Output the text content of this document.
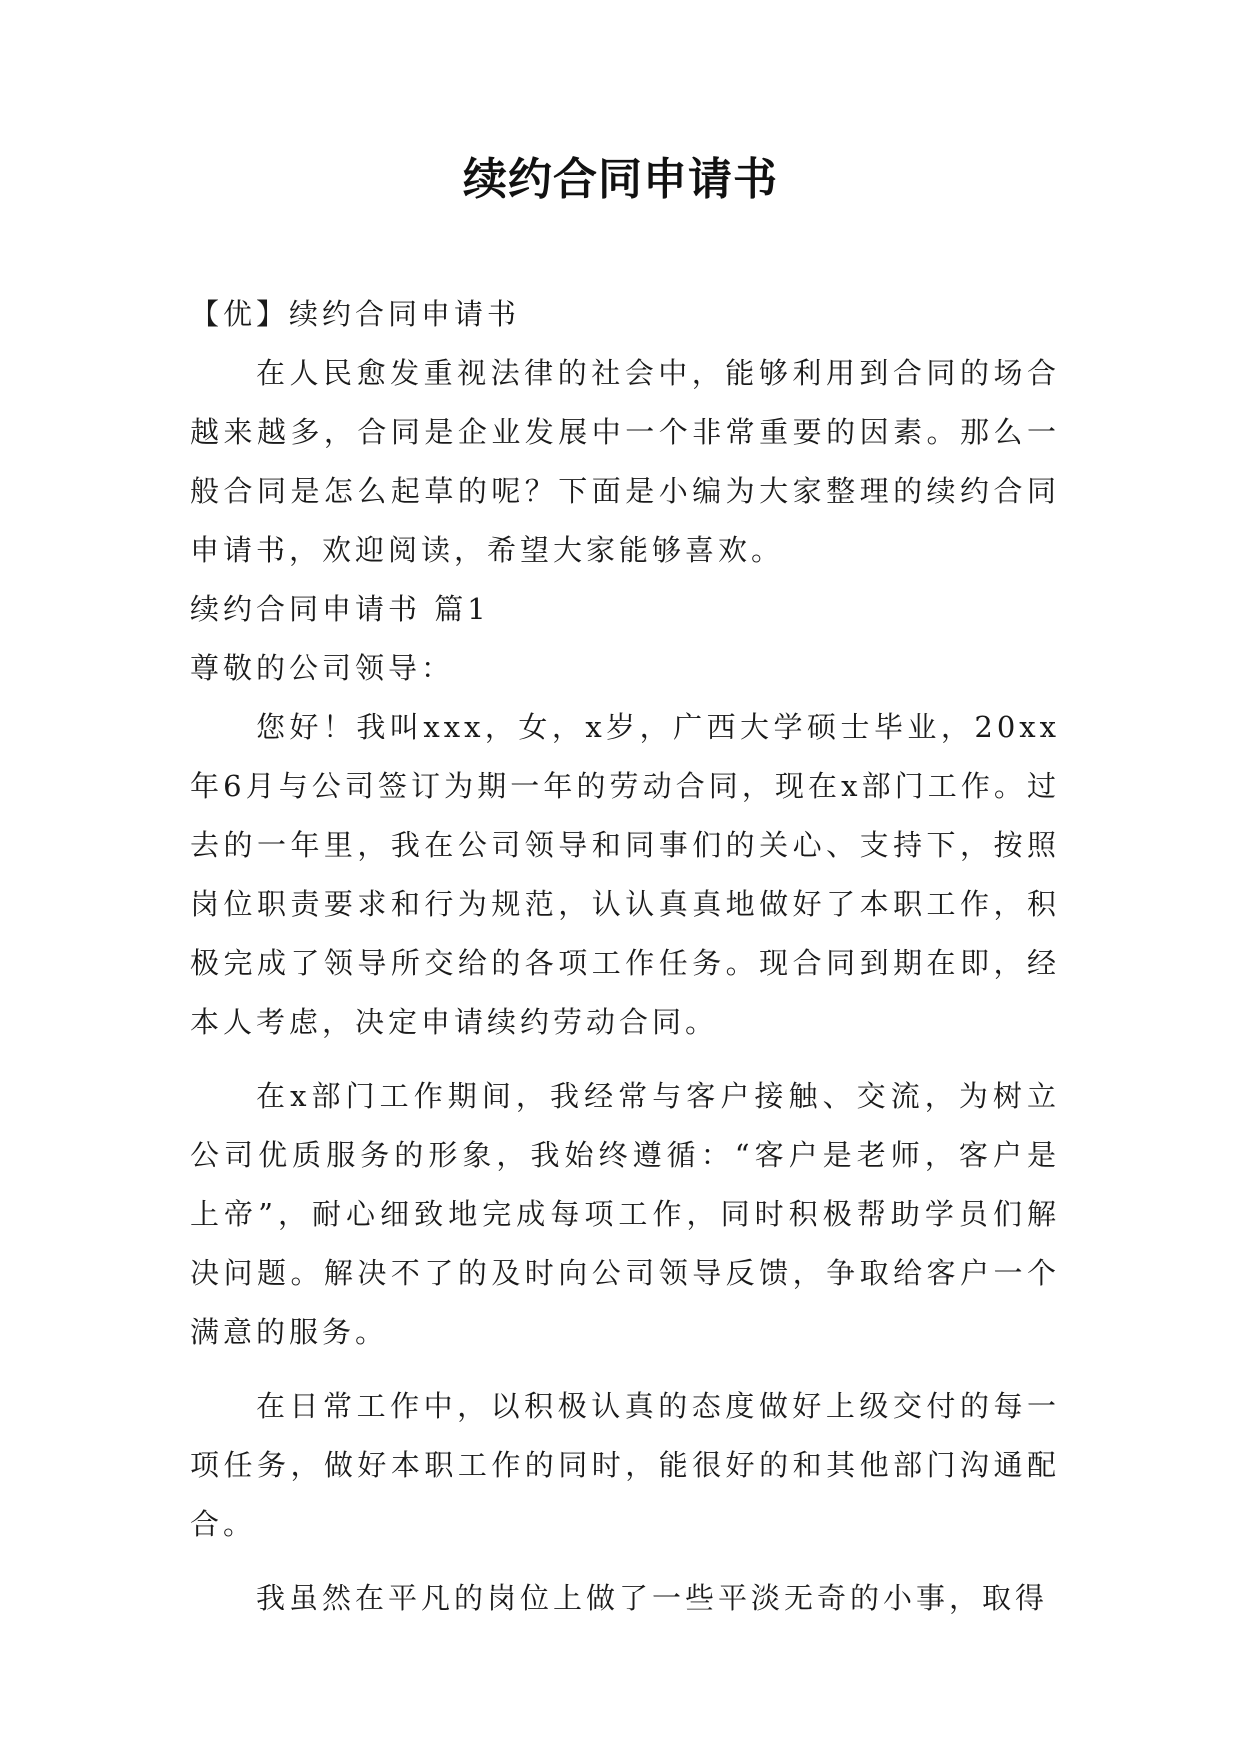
续约合同申请书

【优】续约合同申请书

在人民愈发重视法律的社会中，能够利用到合同的场合越来越多，合同是企业发展中一个非常重要的因素。那么一般合同是怎么起草的呢？下面是小编为大家整理的续约合同申请书，欢迎阅读，希望大家能够喜欢。

续约合同申请书 篇1

尊敬的公司领导：

您好！我叫xxx，女，x岁，广西大学硕士毕业，20xx年6月与公司签订为期一年的劳动合同，现在x部门工作。过去的一年里，我在公司领导和同事们的关心、支持下，按照岗位职责要求和行为规范，认认真真地做好了本职工作，积极完成了领导所交给的各项工作任务。现合同到期在即，经本人考虑，决定申请续约劳动合同。

在x部门工作期间，我经常与客户接触、交流，为树立公司优质服务的形象，我始终遵循：“客户是老师，客户是上帝”，耐心细致地完成每项工作，同时积极帮助学员们解决问题。解决不了的及时向公司领导反馈，争取给客户一个满意的服务。

在日常工作中，以积极认真的态度做好上级交付的每一项任务，做好本职工作的同时，能很好的和其他部门沟通配合。

我虽然在平凡的岗位上做了一些平淡无奇的小事，取得
